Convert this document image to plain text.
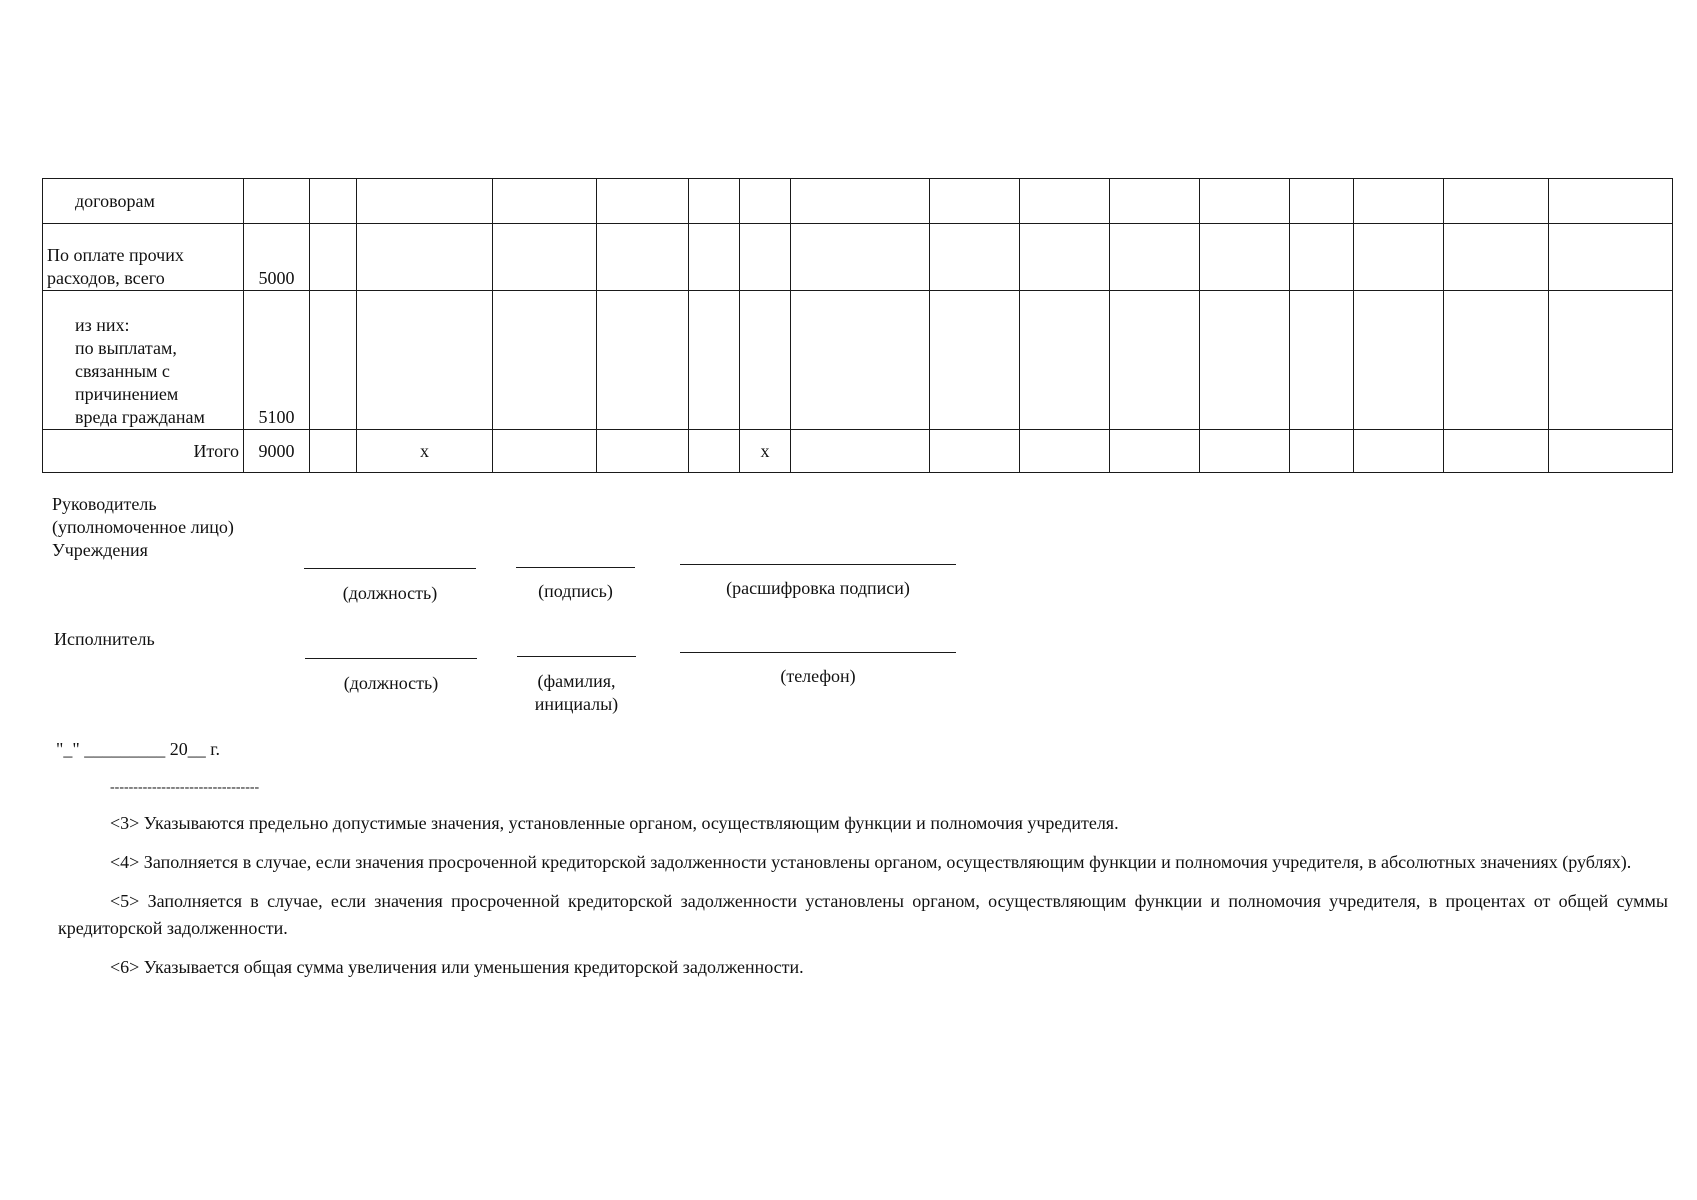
договорам																
По оплате прочих
расходов, всего	5000															
из них:
по выплатам,
связанным с
причинением
вреда гражданам	5100															
Итого	9000		x				x									
Руководитель
(уполномоченное лицо)
Учреждения
(должность)	(подпись)	(расшифровка подписи)
Исполнитель
(должность)	(фамилия,
инициалы)
(телефон)
"_" _________ 20__ г.
--------------------------------

<3> Указываются предельно допустимые значения, установленные органом, осуществляющим функции и полномочия учредителя.

<4> Заполняется в случае, если значения просроченной кредиторской задолженности установлены органом, осуществляющим функции и полномочия учредителя, в абсолютных значениях (рублях).

<5> Заполняется в случае, если значения просроченной кредиторской задолженности установлены органом, осуществляющим функции и полномочия учредителя, в процентах от общей суммы кредиторской задолженности.

<6> Указывается общая сумма увеличения или уменьшения кредиторской задолженности.
